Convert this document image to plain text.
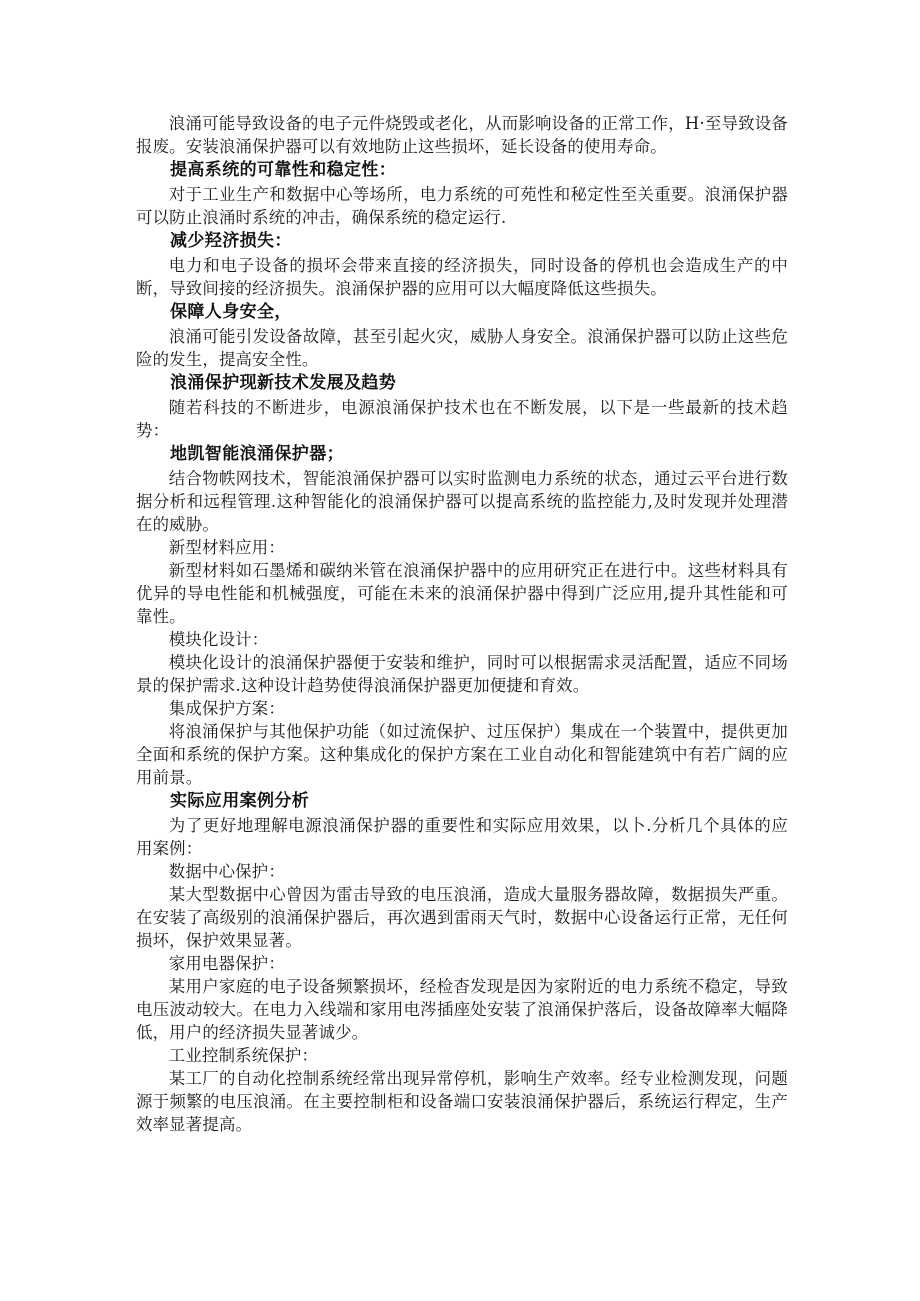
浪涌可能导致设备的电子元件烧毁或老化，从而影响设备的正常工作，H·至导致设备报废。安装浪涌保护器可以有效地防止这些损坏，延长设备的使用寿命。

提高系统的可靠性和稳定性：

对于工业生产和数据中心等场所，电力系统的可苑性和秘定性至关重要。浪涌保护器可以防止浪涌时系统的冲击，确保系统的稳定运行.

减少羟济损失：

电力和电子设备的损坏会带来直接的经济损失，同时设备的停机也会造成生产的中断，导致间接的经济损失。浪涌保护器的应用可以大幅度降低这些损失。

保障人身安全，

浪涌可能引发设备故障，甚至引起火灾，威胁人身安全。浪涌保护器可以防止这些危险的发生，提高安全性。

浪涌保护现新技术发展及趋势

随若科技的不断进步，电源浪涌保护技术也在不断发展，以下是一些最新的技术趋势：

地凯智能浪涌保护器；

结合物帙网技术，智能浪涌保护器可以实时监测电力系统的状态，通过云平台进行数据分析和远程管理.这种智能化的浪涌保护器可以提高系统的监控能力,及时发现并处理潜在的威胁。

新型材料应用：

新型材料如石墨烯和碳纳米管在浪涌保护器中的应用研究正在进行中。这些材料具有优异的导电性能和机械强度，可能在未来的浪涌保护器中得到广泛应用,提升其性能和可靠性。

模块化设计：

模块化设计的浪涌保护器便于安装和维护，同时可以根据需求灵活配置，适应不同场景的保护需求.这种设计趋势使得浪涌保护器更加便捷和育效。

集成保护方案：

将浪涌保护与其他保护功能（如过流保护、过压保护）集成在一个装置中，提供更加全面和系统的保护方案。这种集成化的保护方案在工业自动化和智能建筑中有若广阔的应用前景。

实际应用案例分析

为了更好地理解电源浪涌保护器的重要性和实际应用效果，以卜.分析几个具体的应用案例：

数据中心保护：

某大型数据中心曾因为雷击导致的电压浪涌，造成大量服务器故障，数据损失严重。在安装了高级别的浪涌保护器后，再次遇到雷雨天气时，数据中心设备运行正常，无任何损坏，保护效果显著。

家用电器保护：

某用户家庭的电子设备频繁损坏，经检杳发现是因为家附近的电力系统不稳定，导致电压波动较大。在电力入线端和家用电涔插座处安装了浪涌保护落后，设备故障率大幅降低，用户的经济损失显著诚少。

工业控制系统保护：

某工厂的自动化控制系统经常出现异常停机，影响生产效率。经专业检测发现，问题源于频繁的电压浪涌。在主要控制柜和设备端口安装浪涌保护器后，系统运行稈定，生产效率显著提高。
